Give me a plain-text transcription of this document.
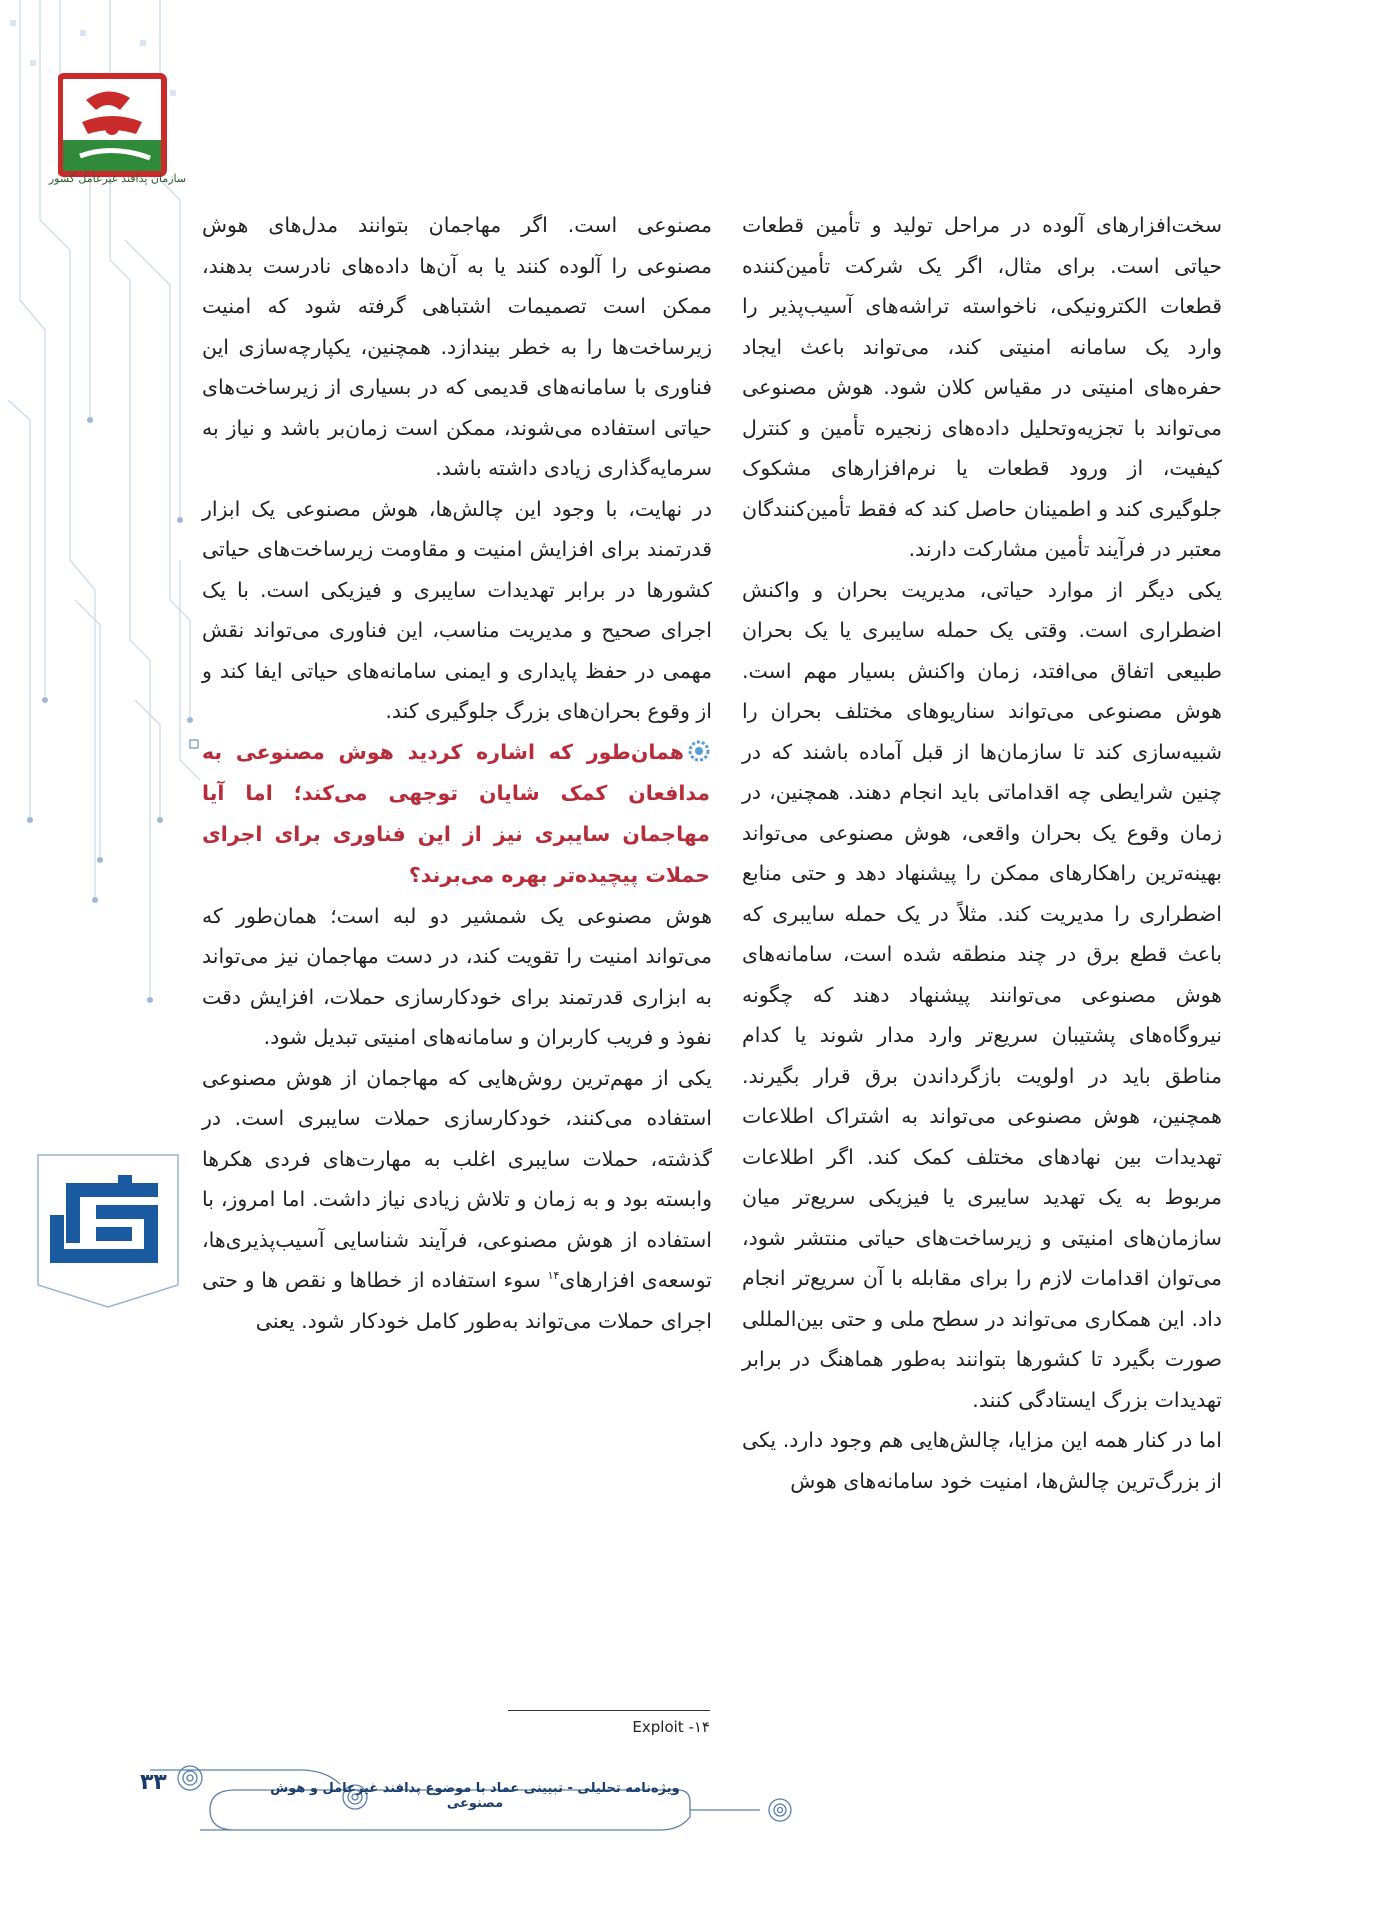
سازمان پدافند غیرعامل کشور

سخت‌افزارهای آلوده در مراحل تولید و تأمین قطعات حیاتی است. برای مثال، اگر یک شرکت تأمین‌کننده قطعات الکترونیکی، ناخواسته تراشه‌های آسیب‌پذیر را وارد یک سامانه امنیتی کند، می‌تواند باعث ایجاد حفره‌های امنیتی در مقیاس کلان شود. هوش مصنوعی می‌تواند با تجزیه‌وتحلیل داده‌های زنجیره تأمین و کنترل کیفیت، از ورود قطعات یا نرم‌افزارهای مشکوک جلوگیری کند و اطمینان حاصل کند که فقط تأمین‌کنندگان معتبر در فرآیند تأمین مشارکت دارند.

یکی دیگر از موارد حیاتی، مدیریت بحران و واکنش اضطراری است. وقتی یک حمله سایبری یا یک بحران طبیعی اتفاق می‌افتد، زمان واکنش بسیار مهم است. هوش مصنوعی می‌تواند سناریوهای مختلف بحران را شبیه‌سازی کند تا سازمان‌ها از قبل آماده باشند که در چنین شرایطی چه اقداماتی باید انجام دهند. همچنین، در زمان وقوع یک بحران واقعی، هوش مصنوعی می‌تواند بهینه‌ترین راهکارهای ممکن را پیشنهاد دهد و حتی منابع اضطراری را مدیریت کند. مثلاً در یک حمله سایبری که باعث قطع برق در چند منطقه شده است، سامانه‌های هوش مصنوعی می‌توانند پیشنهاد دهند که چگونه نیروگاه‌های پشتیبان سریع‌تر وارد مدار شوند یا کدام مناطق باید در اولویت بازگرداندن برق قرار بگیرند. همچنین، هوش مصنوعی می‌تواند به اشتراک اطلاعات تهدیدات بین نهادهای مختلف کمک کند. اگر اطلاعات مربوط به یک تهدید سایبری یا فیزیکی سریع‌تر میان سازمان‌های امنیتی و زیرساخت‌های حیاتی منتشر شود، می‌توان اقدامات لازم را برای مقابله با آن سریع‌تر انجام داد. این همکاری می‌تواند در سطح ملی و حتی بین‌المللی صورت بگیرد تا کشورها بتوانند به‌طور هماهنگ در برابر تهدیدات بزرگ ایستادگی کنند.

اما در کنار همه این مزایا، چالش‌هایی هم وجود دارد. یکی از بزرگ‌ترین چالش‌ها، امنیت خود سامانه‌های هوش

مصنوعی است. اگر مهاجمان بتوانند مدل‌های هوش مصنوعی را آلوده کنند یا به آن‌ها داده‌های نادرست بدهند، ممکن است تصمیمات اشتباهی گرفته شود که امنیت زیرساخت‌ها را به خطر بیندازد. همچنین، یکپارچه‌سازی این فناوری با سامانه‌های قدیمی که در بسیاری از زیرساخت‌های حیاتی استفاده می‌شوند، ممکن است زمان‌بر باشد و نیاز به سرمایه‌گذاری زیادی داشته باشد.

در نهایت، با وجود این چالش‌ها، هوش مصنوعی یک ابزار قدرتمند برای افزایش امنیت و مقاومت زیرساخت‌های حیاتی کشورها در برابر تهدیدات سایبری و فیزیکی است. با یک اجرای صحیح و مدیریت مناسب، این فناوری می‌تواند نقش مهمی در حفظ پایداری و ایمنی سامانه‌های حیاتی ایفا کند و از وقوع بحران‌های بزرگ جلوگیری کند.

همان‌طور که اشاره کردید هوش مصنوعی به مدافعان کمک شایان توجهی می‌کند؛ اما آیا مهاجمان سایبری نیز از این فناوری برای اجرای حملات پیچیده‌تر بهره می‌برند؟

هوش مصنوعی یک شمشیر دو لبه است؛ همان‌طور که می‌تواند امنیت را تقویت کند، در دست مهاجمان نیز می‌تواند به ابزاری قدرتمند برای خودکارسازی حملات، افزایش دقت نفوذ و فریب کاربران و سامانه‌های امنیتی تبدیل شود.

یکی از مهم‌ترین روش‌هایی که مهاجمان از هوش مصنوعی استفاده می‌کنند، خودکارسازی حملات سایبری است. در گذشته، حملات سایبری اغلب به مهارت‌های فردی هکرها وابسته بود و به زمان و تلاش زیادی نیاز داشت. اما امروز، با استفاده از هوش مصنوعی، فرآیند شناسایی آسیب‌پذیری‌ها، توسعه‌ی افزارهای$^{۱۴}$ سوء استفاده از خطاها و نقص ها و حتی اجرای حملات می‌تواند به‌طور کامل خودکار شود. یعنی

۱۴- Exploit
۳۳	ویژه‌نامه تحلیلی - تبیینی عماد با موضوع پدافند غیرعامل و هوش مصنوعی
